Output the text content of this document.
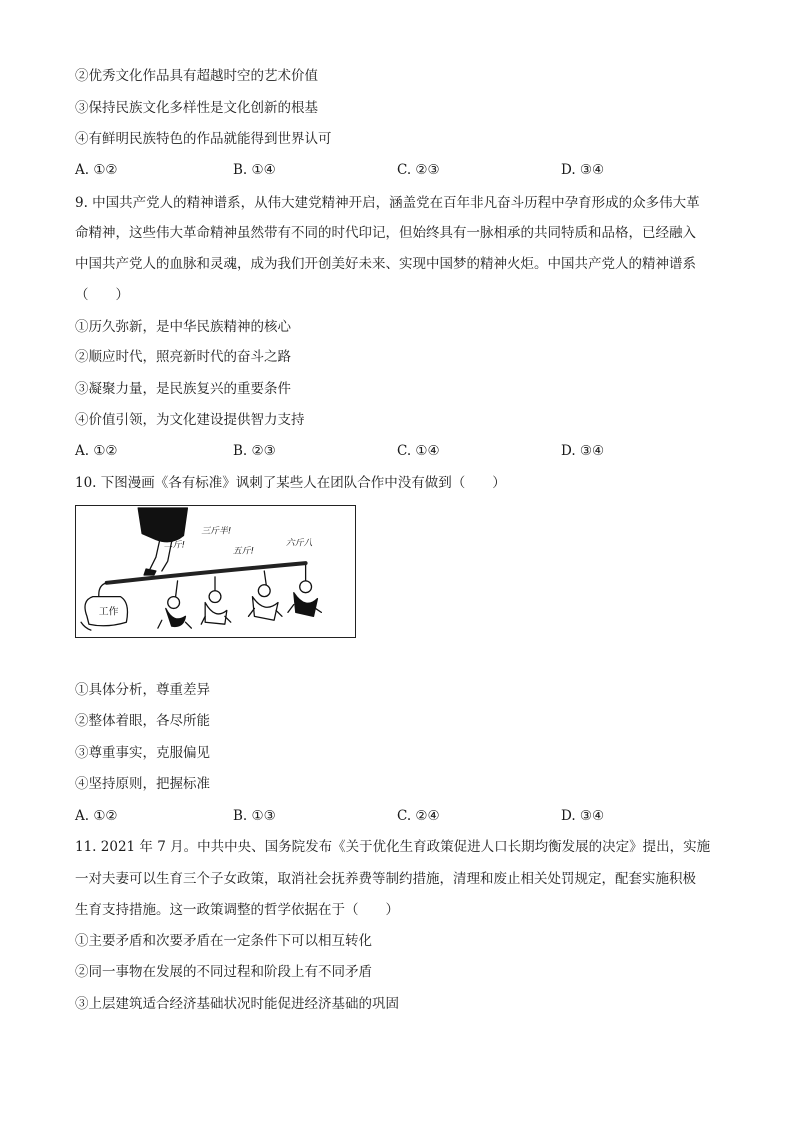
②优秀文化作品具有超越时空的艺术价值
③保持民族文化多样性是文化创新的根基
④有鲜明民族特色的作品就能得到世界认可
A. ①②	B. ①④	C. ②③	D. ③④
9. 中国共产党人的精神谱系，从伟大建党精神开启，涵盖党在百年非凡奋斗历程中孕育形成的众多伟大革
命精神，这些伟大革命精神虽然带有不同的时代印记，但始终具有一脉相承的共同特质和品格，已经融入
中国共产党人的血脉和灵魂，成为我们开创美好未来、实现中国梦的精神火炬。中国共产党人的精神谱系
（　　）
①历久弥新，是中华民族精神的核心
②顺应时代，照亮新时代的奋斗之路
③凝聚力量，是民族复兴的重要条件
④价值引领，为文化建设提供智力支持
A. ①②	B. ②③	C. ①④	D. ③④
10. 下图漫画《各有标准》讽刺了某些人在团队合作中没有做到（　　）
工作
二斤!
三斤半!
五斤!
六斤八
①具体分析，尊重差异
②整体着眼，各尽所能
③尊重事实，克服偏见
④坚持原则，把握标准
A. ①②	B. ①③	C. ②④	D. ③④
11. 2021 年 7 月。中共中央、国务院发布《关于优化生育政策促进人口长期均衡发展的决定》提出，实施
一对夫妻可以生育三个子女政策，取消社会抚养费等制约措施，清理和废止相关处罚规定，配套实施积极
生育支持措施。这一政策调整的哲学依据在于（　　）
①主要矛盾和次要矛盾在一定条件下可以相互转化
②同一事物在发展的不同过程和阶段上有不同矛盾
③上层建筑适合经济基础状况时能促进经济基础的巩固
